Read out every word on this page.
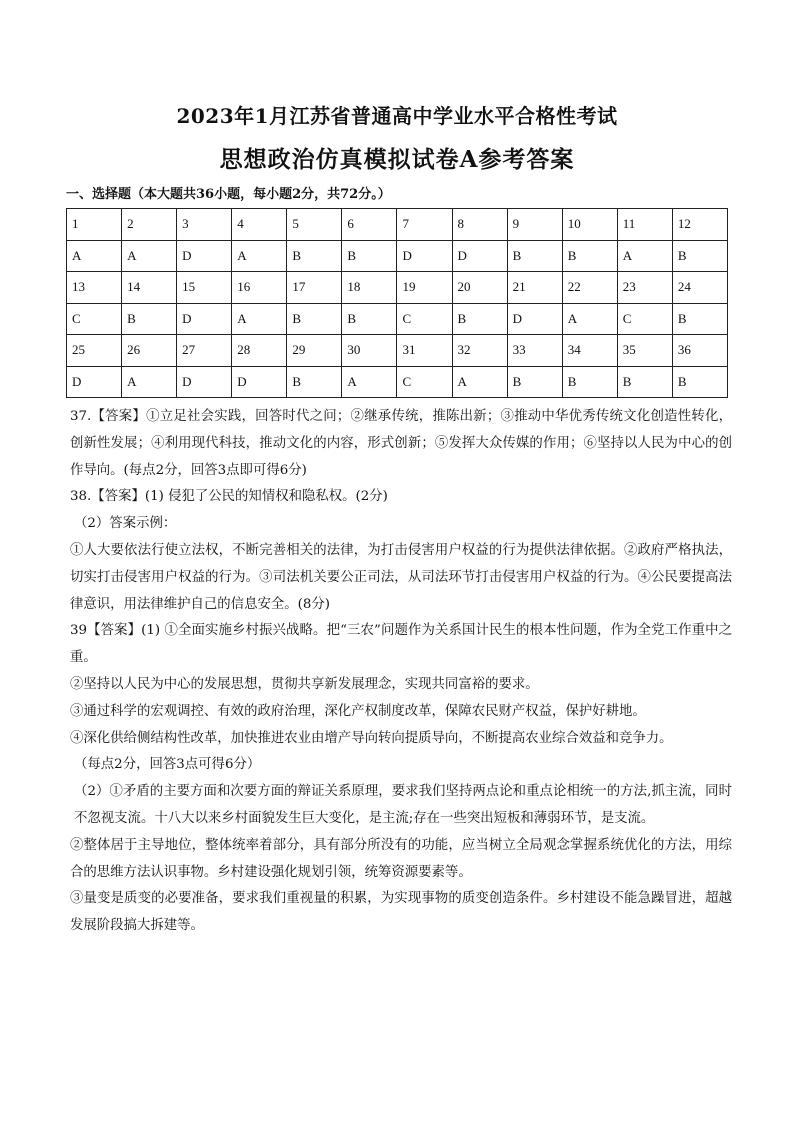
2023年1月江苏省普通高中学业水平合格性考试
思想政治仿真模拟试卷A参考答案
一、选择题（本大题共36小题，每小题2分，共72分。）
1	2	3	4	5	6	7	8	9	10	11	12
A	A	D	A	B	B	D	D	B	B	A	B
13	14	15	16	17	18	19	20	21	22	23	24
C	B	D	A	B	B	C	B	D	A	C	B
25	26	27	28	29	30	31	32	33	34	35	36
D	A	D	D	B	A	C	A	B	B	B	B

37.【答案】①立足社会实践，回答时代之问；②继承传统，推陈出新；③推动中华优秀传统文化创造性转化，创新性发展；④利用现代科技，推动文化的内容，形式创新；⑤发挥大众传媒的作用；⑥坚持以人民为中心的创作导向。(每点2分，回答3点即可得6分)

38.【答案】(1) 侵犯了公民的知情权和隐私权。(2分)

（2）答案示例：

①人大要依法行使立法权，不断完善相关的法律，为打击侵害用户权益的行为提供法律依据。②政府严格执法，切实打击侵害用户权益的行为。③司法机关要公正司法，从司法环节打击侵害用户权益的行为。④公民要提高法律意识，用法律维护自己的信息安全。(8分)

39【答案】(1) ①全面实施乡村振兴战略。把“三农”问题作为关系国计民生的根本性问题，作为全党工作重中之重。

②坚持以人民为中心的发展思想，贯彻共享新发展理念，实现共同富裕的要求。

③通过科学的宏观调控、有效的政府治理，深化产权制度改革，保障农民财产权益，保护好耕地。

④深化供给侧结构性改革，加快推进农业由增产导向转向提质导向，不断提高农业综合效益和竞争力。

（每点2分，回答3点可得6分）

（2）①矛盾的主要方面和次要方面的辩证关系原理，要求我们坚持两点论和重点论相统一的方法,抓主流，同时不忽视支流。十八大以来乡村面貌发生巨大变化，是主流;存在一些突出短板和薄弱环节，是支流。

②整体居于主导地位，整体统率着部分，具有部分所没有的功能，应当树立全局观念掌握系统优化的方法，用综合的思维方法认识事物。乡村建设强化规划引领，统筹资源要素等。

③量变是质变的必要准备，要求我们重视量的积累，为实现事物的质变创造条件。乡村建设不能急躁冒进，超越发展阶段搞大拆建等。
